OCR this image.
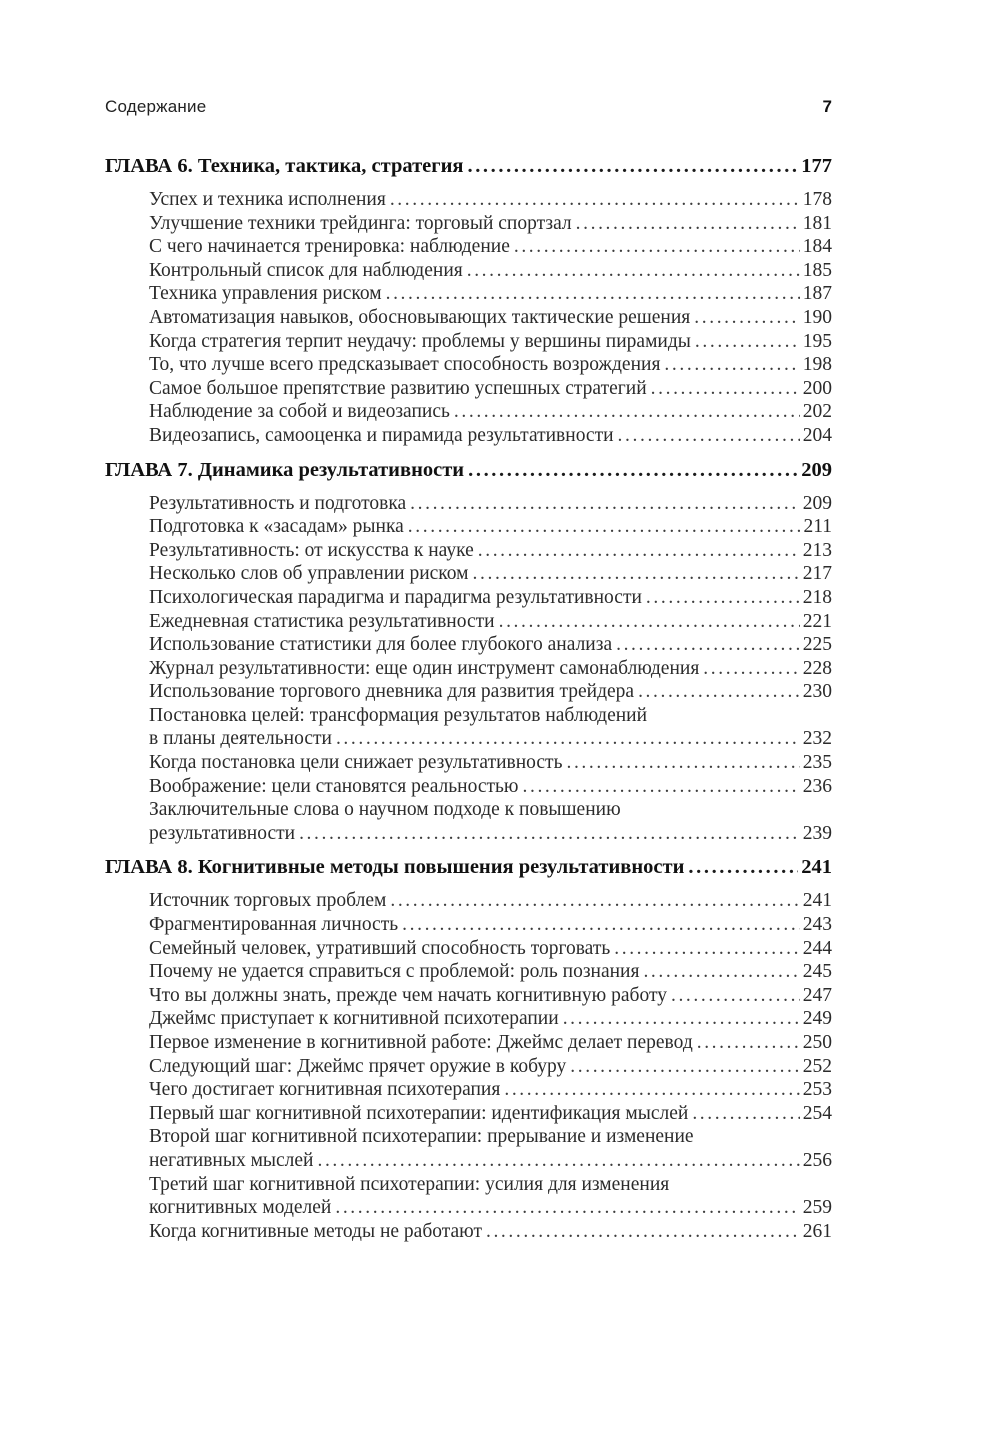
Содержание	7
ГЛАВА 6. Техника, тактика, стратегия .....	177
Успех и техника исполнения .....	178
Улучшение техники трейдинга: торговый спортзал .....	181
С чего начинается тренировка: наблюдение .....	184
Контрольный список для наблюдения .....	185
Техника управления риском .....	187
Автоматизация навыков, обосновывающих тактические решения .....	190
Когда стратегия терпит неудачу: проблемы у вершины пирамиды .....	195
То, что лучше всего предсказывает способность возрождения .....	198
Самое большое препятствие развитию успешных стратегий .....	200
Наблюдение за собой и видеозапись .....	202
Видеозапись, самооценка и пирамида результативности .....	204
ГЛАВА 7. Динамика результативности .....	209
Результативность и подготовка .....	209
Подготовка к «засадам» рынка .....	211
Результативность: от искусства к науке .....	213
Несколько слов об управлении риском .....	217
Психологическая парадигма и парадигма результативности .....	218
Ежедневная статистика результативности .....	221
Использование статистики для более глубокого анализа .....	225
Журнал результативности: еще один инструмент самонаблюдения .....	228
Использование торгового дневника для развития трейдера .....	230
Постановка целей: трансформация результатов наблюдений
в планы деятельности .....	232
Когда постановка цели снижает результативность .....	235
Воображение: цели становятся реальностью .....	236
Заключительные слова о научном подходе к повышению
результативности .....	239
ГЛАВА 8. Когнитивные методы повышения результативности .....	241
Источник торговых проблем .....	241
Фрагментированная личность .....	243
Семейный человек, утративший способность торговать .....	244
Почему не удается справиться с проблемой: роль познания .....	245
Что вы должны знать, прежде чем начать когнитивную работу .....	247
Джеймс приступает к когнитивной психотерапии .....	249
Первое изменение в когнитивной работе: Джеймс делает перевод .....	250
Следующий шаг: Джеймс прячет оружие в кобуру .....	252
Чего достигает когнитивная психотерапия .....	253
Первый шаг когнитивной психотерапии: идентификация мыслей .....	254
Второй шаг когнитивной психотерапии: прерывание и изменение
негативных мыслей .....	256
Третий шаг когнитивной психотерапии: усилия для изменения
когнитивных моделей .....	259
Когда когнитивные методы не работают .....	261
